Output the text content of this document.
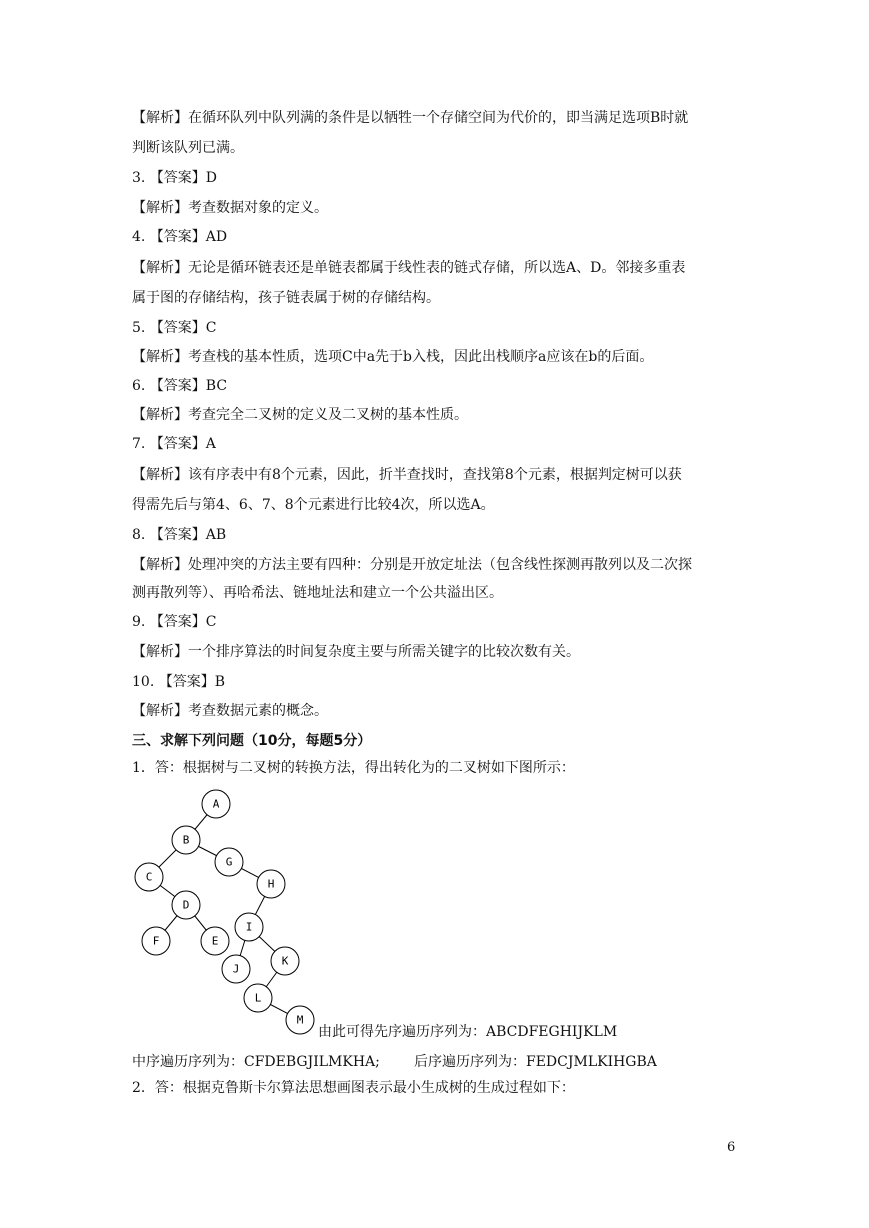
【解析】在循环队列中队列满的条件是以牺牲一个存储空间为代价的，即当满足选项B时就
判断该队列已满。
3. 【答案】D
【解析】考查数据对象的定义。
4. 【答案】AD
【解析】无论是循环链表还是单链表都属于线性表的链式存储，所以选A、D。邻接多重表
属于图的存储结构，孩子链表属于树的存储结构。
5. 【答案】C
【解析】考查栈的基本性质，选项C中a先于b入栈，因此出栈顺序a应该在b的后面。
6. 【答案】BC
【解析】考查完全二叉树的定义及二叉树的基本性质。
7. 【答案】A
【解析】该有序表中有8个元素，因此，折半查找时，查找第8个元素，根据判定树可以获
得需先后与第4、6、7、8个元素进行比较4次，所以选A。
8. 【答案】AB
【解析】处理冲突的方法主要有四种：分别是开放定址法（包含线性探测再散列以及二次探
测再散列等）、再哈希法、链地址法和建立一个公共溢出区。
9. 【答案】C
【解析】一个排序算法的时间复杂度主要与所需关键字的比较次数有关。
10. 【答案】B
【解析】考查数据元素的概念。
三、求解下列问题（10分，每题5分）
1．答：根据树与二叉树的转换方法，得出转化为的二叉树如下图所示：
A
B
G
C
H
D
I
F	E
K
J
L
M
由此可得先序遍历序列为：ABCDFEGHIJKLM
中序遍历序列为：CFDEBGJILMKHA; 后序遍历序列为：FEDCJMLKIHGBA
2．答：根据克鲁斯卡尔算法思想画图表示最小生成树的生成过程如下：
6
